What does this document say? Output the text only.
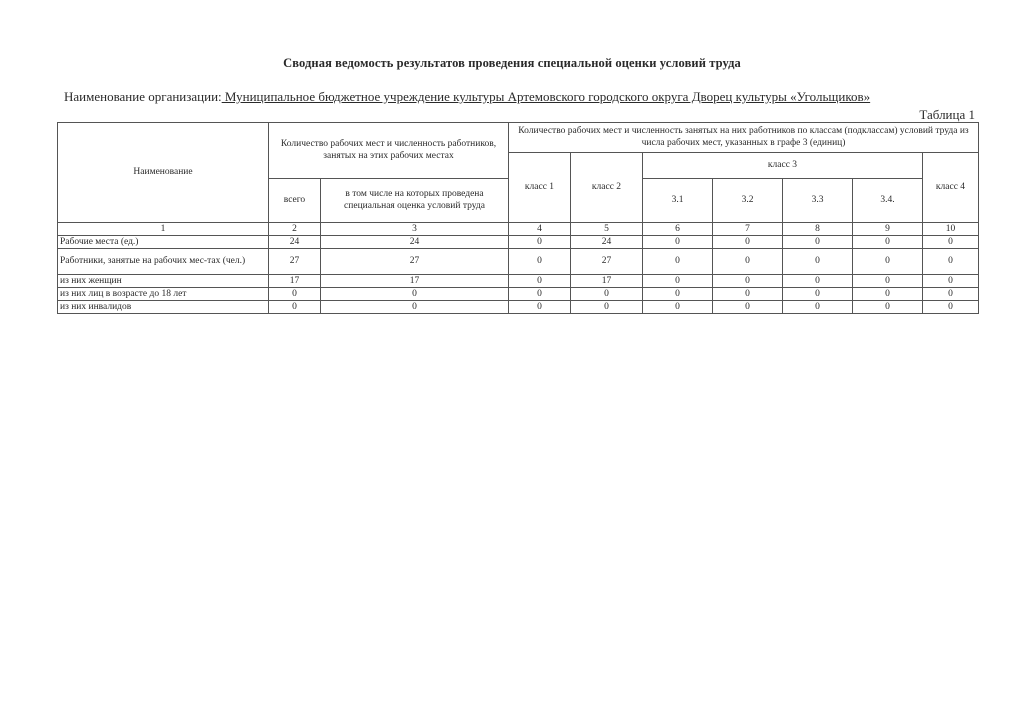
Сводная ведомость результатов проведения специальной оценки условий труда
Наименование организации: Муниципальное бюджетное учреждение культуры Артемовского городского округа Дворец культуры «Угольщиков»
Таблица 1
Наименование	Количество рабочих мест и численность работников, занятых на этих рабочих местах		Количество рабочих мест и численность занятых на них работников по классам (подклассам) условий труда из числа рабочих мест, указанных в графе 3 (единиц)						
			класс 1	класс 2	класс 3				класс 4
	всего	в том числе на которых проведена специальная оценка условий труда			3.1	3.2	3.3	3.4.	
1	2	3	4	5	6	7	8	9	10
Рабочие места (ед.)	24	24	0	24	0	0	0	0	0
Работники, занятые на рабочих мес-тах (чел.)	27	27	0	27	0	0	0	0	0
из них женщин	17	17	0	17	0	0	0	0	0
из них лиц в возрасте до 18 лет	0	0	0	0	0	0	0	0	0
из них инвалидов	0	0	0	0	0	0	0	0	0
